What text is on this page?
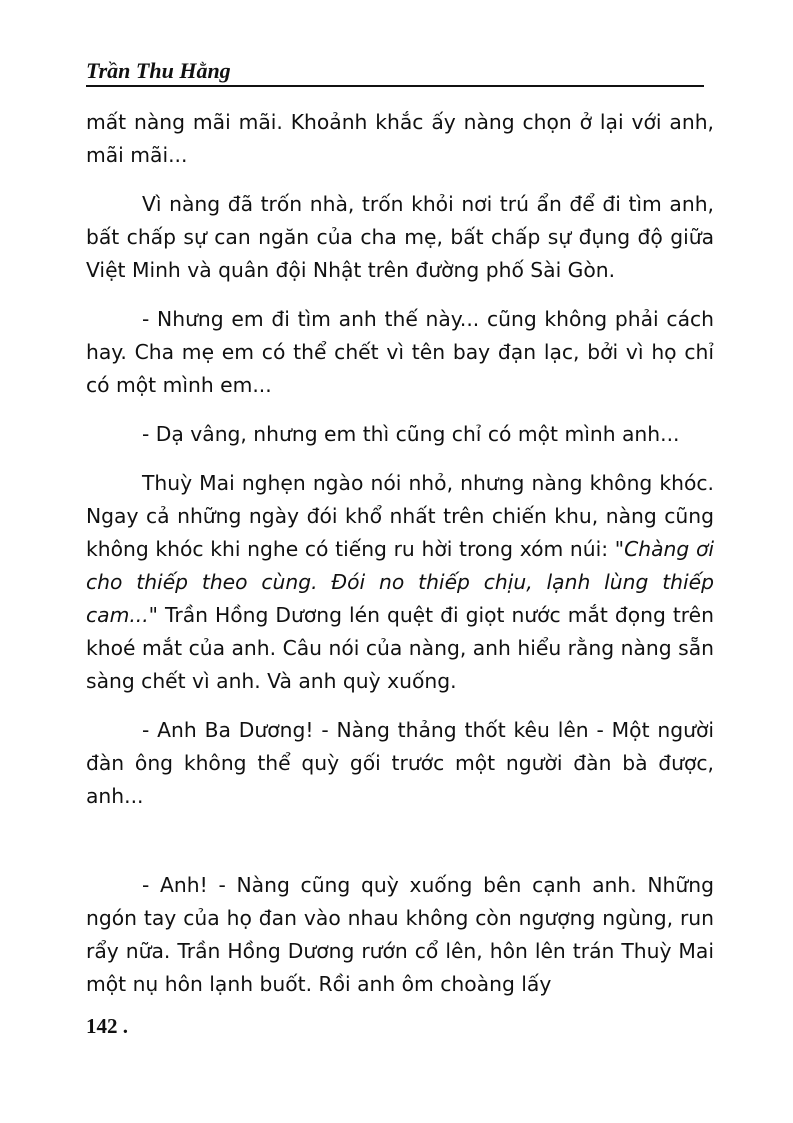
Trần Thu Hằng

mất nàng mãi mãi. Khoảnh khắc ấy nàng chọn ở lại với anh, mãi mãi...

Vì nàng đã trốn nhà, trốn khỏi nơi trú ẩn để đi tìm anh, bất chấp sự can ngăn của cha mẹ, bất chấp sự đụng độ giữa Việt Minh và quân đội Nhật trên đường phố Sài Gòn.

- Nhưng em đi tìm anh thế này... cũng không phải cách hay. Cha mẹ em có thể chết vì tên bay đạn lạc, bởi vì họ chỉ có một mình em...

- Dạ vâng, nhưng em thì cũng chỉ có một mình anh...

Thuỳ Mai nghẹn ngào nói nhỏ, nhưng nàng không khóc. Ngay cả những ngày đói khổ nhất trên chiến khu, nàng cũng không khóc khi nghe có tiếng ru hời trong xóm núi: "Chàng ơi cho thiếp theo cùng. Đói no thiếp chịu, lạnh lùng thiếp cam..." Trần Hồng Dương lén quệt đi giọt nước mắt đọng trên khoé mắt của anh. Câu nói của nàng, anh hiểu rằng nàng sẵn sàng chết vì anh. Và anh quỳ xuống.

- Anh Ba Dương! - Nàng thảng thốt kêu lên - Một người đàn ông không thể quỳ gối trước một người đàn bà được, anh...

- Anh! - Nàng cũng quỳ xuống bên cạnh anh. Những ngón tay của họ đan vào nhau không còn ngượng ngùng, run rẩy nữa. Trần Hồng Dương rướn cổ lên, hôn lên trán Thuỳ Mai một nụ hôn lạnh buốt. Rồi anh ôm choàng lấy

142 .
